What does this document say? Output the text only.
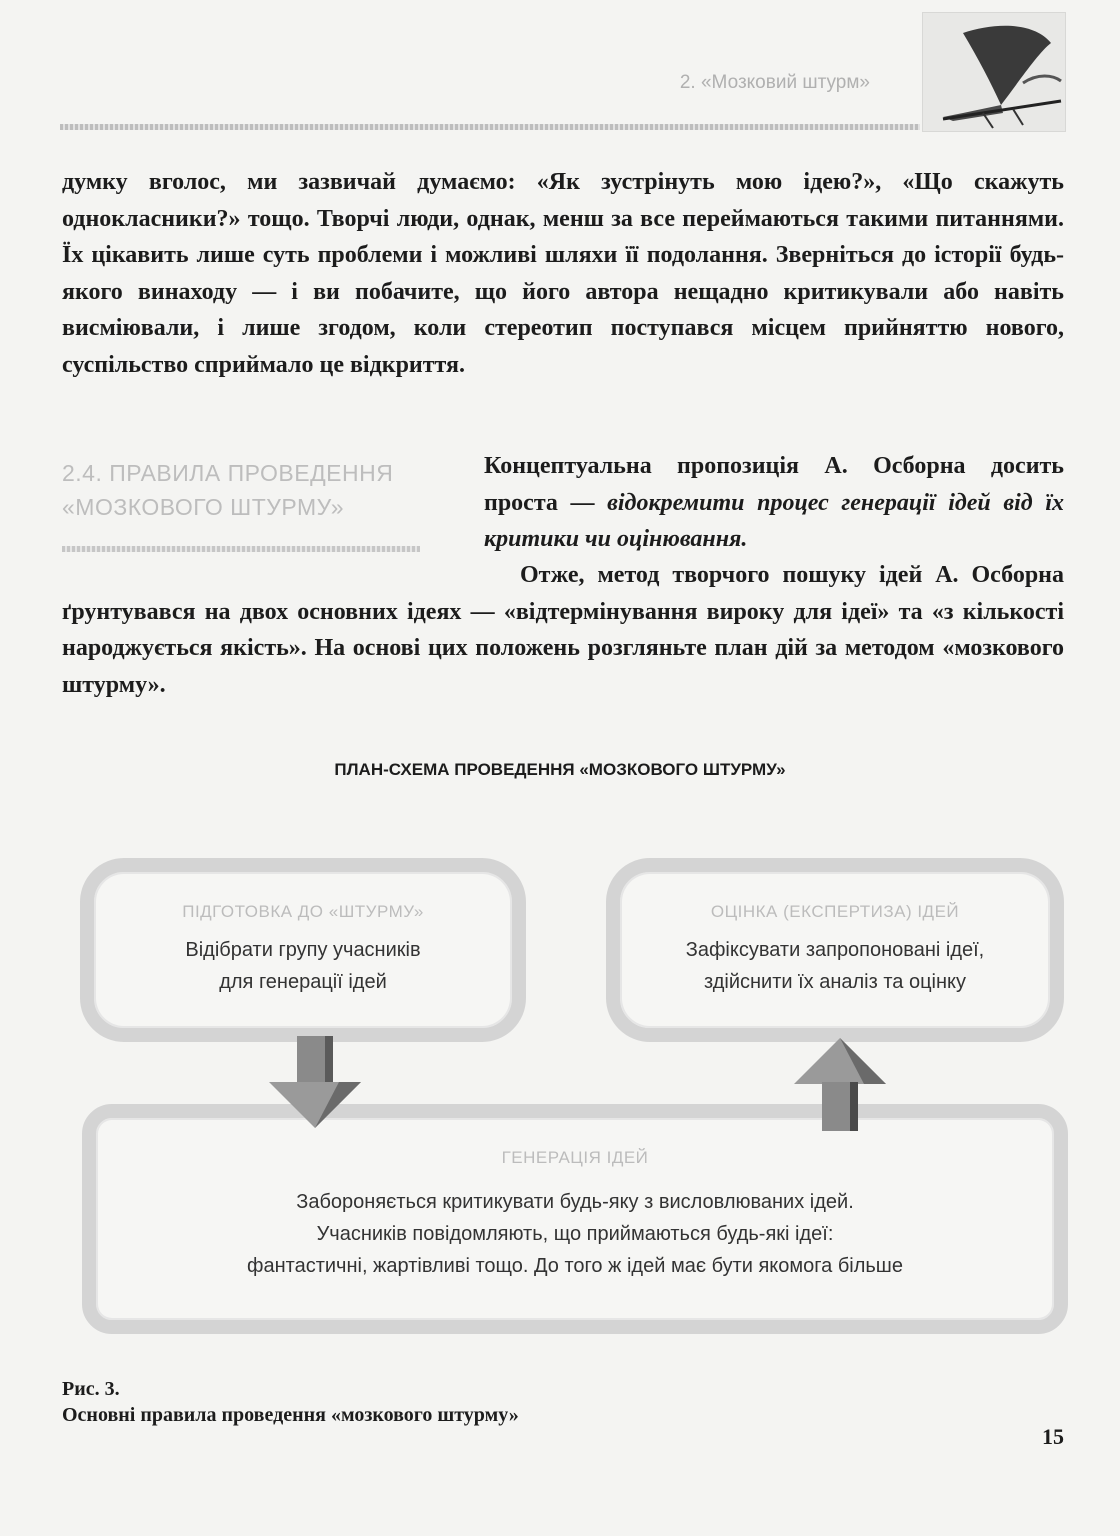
2. «Мозковий штурм»
думку вголос, ми зазвичай думаємо: «Як зустрінуть мою ідею?», «Що скажуть однокласники?» тощо. Творчі люди, однак, менш за все переймаються такими питаннями. Їх цікавить лише суть проблеми і можливі шляхи її подолання. Зверніться до історії будь-якого винаходу — і ви побачите, що його автора нещадно критикували або навіть висміювали, і лише згодом, коли стереотип поступався місцем прийняттю нового, суспільство сприймало це відкриття.
2.4. ПРАВИЛА ПРОВЕДЕННЯ «МОЗКОВОГО ШТУРМУ»
Концептуальна пропозиція А. Осборна досить проста — відокремити процес генерації ідей від їх критики чи оцінювання.
Отже, метод творчого пошуку ідей А. Осборна ґрунтувався на двох основних ідеях — «відтермінування вироку для ідеї» та «з кількості народжується якість». На основі цих положень розгляньте план дій за методом «мозкового штурму».
ПЛАН-СХЕМА ПРОВЕДЕННЯ «МОЗКОВОГО ШТУРМУ»
ПІДГОТОВКА ДО «ШТУРМУ»
Відібрати групу учасників
для генерації ідей
ОЦІНКА (ЕКСПЕРТИЗА) ІДЕЙ
Зафіксувати запропоновані ідеї,
здійснити їх аналіз та оцінку
ГЕНЕРАЦІЯ ІДЕЙ
Забороняється критикувати будь-яку з висловлюваних ідей.
Учасників повідомляють, що приймаються будь-які ідеї:
фантастичні, жартівливі тощо. До того ж ідей має бути якомога більше
Рис. 3.
Основні правила проведення «мозкового штурму»
15
